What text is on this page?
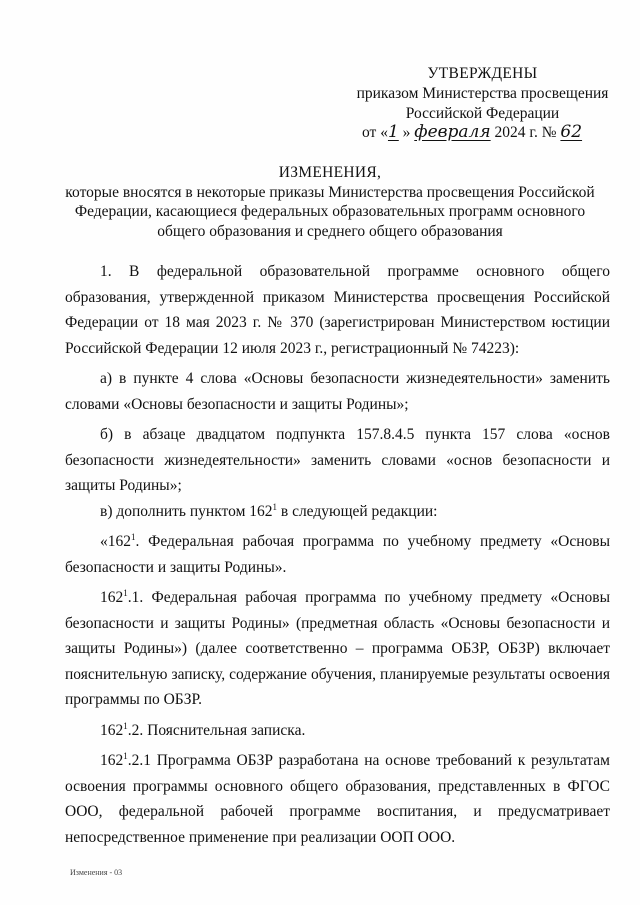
УТВЕРЖДЕНЫ
приказом Министерства просвещения
Российской Федерации
от «1 » февраля 2024 г. № 62
ИЗМЕНЕНИЯ,
которые вносятся в некоторые приказы Министерства просвещения Российской Федерации, касающиеся федеральных образовательных программ основного общего образования и среднего общего образования

1. В федеральной образовательной программе основного общего образования, утвержденной приказом Министерства просвещения Российской Федерации от 18 мая 2023 г. № 370 (зарегистрирован Министерством юстиции Российской Федерации 12 июля 2023 г., регистрационный № 74223):

а) в пункте 4 слова «Основы безопасности жизнедеятельности» заменить словами «Основы безопасности и защиты Родины»;

б) в абзаце двадцатом подпункта 157.8.4.5 пункта 157 слова «основ безопасности жизнедеятельности» заменить словами «основ безопасности и защиты Родины»;

в) дополнить пунктом $162^1$ в следующей редакции:

«$162^1$. Федеральная рабочая программа по учебному предмету «Основы безопасности и защиты Родины».

$162^1.1$. Федеральная рабочая программа по учебному предмету «Основы безопасности и защиты Родины» (предметная область «Основы безопасности и защиты Родины») (далее соответственно – программа ОБЗР, ОБЗР) включает пояснительную записку, содержание обучения, планируемые результаты освоения программы по ОБЗР.

$162^1.2$. Пояснительная записка.

$162^1.2.1$ Программа ОБЗР разработана на основе требований к результатам освоения программы основного общего образования, представленных в ФГОС ООО, федеральной рабочей программе воспитания, и предусматривает непосредственное применение при реализации ООП ООО.

Изменения - 03
